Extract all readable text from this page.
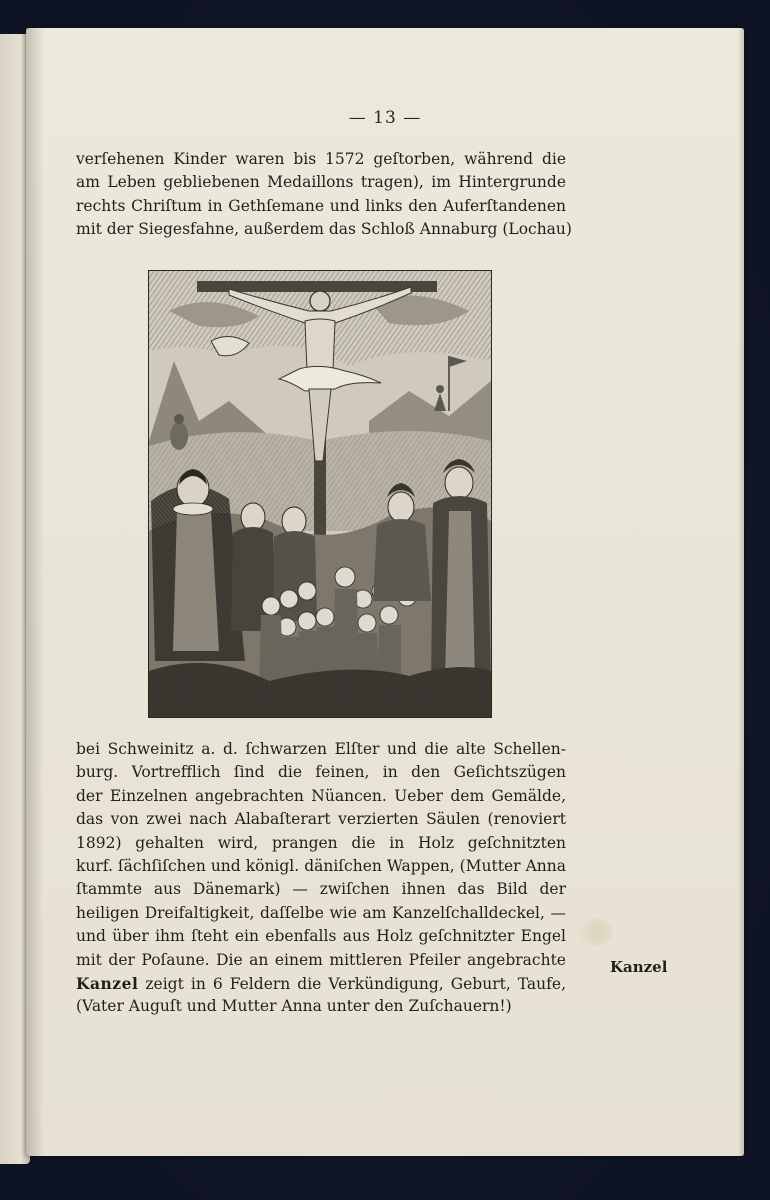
— 13 —
verſehenen Kinder waren bis 1572 geſtorben, während die
am Leben gebliebenen Medaillons tragen), im Hintergrunde
rechts Chriſtum in Gethſemane und links den Auferſtandenen
mit der Siegesfahne, außerdem das Schloß Annaburg (Lochau)
bei Schweinitz a. d. ſchwarzen Elſter und die alte Schellen-
burg. Vortrefflich ſind die feinen, in den Geſichtszügen
der Einzelnen angebrachten Nüancen. Ueber dem Gemälde,
das von zwei nach Alabaſterart verzierten Säulen (renoviert
1892) gehalten wird, prangen die in Holz geſchnitzten
kurf. ſächſiſchen und königl. däniſchen Wappen, (Mutter Anna
ſtammte aus Dänemark) — zwiſchen ihnen das Bild der
heiligen Dreifaltigkeit, daſſelbe wie am Kanzelſchalldeckel, —
und über ihm ſteht ein ebenfalls aus Holz geſchnitzter Engel
mit der Poſaune. Die an einem mittleren Pfeiler angebrachte
Kanzel zeigt in 6 Feldern die Verkündigung, Geburt, Taufe,
(Vater Auguſt und Mutter Anna unter den Zuſchauern!)
Kanzel
